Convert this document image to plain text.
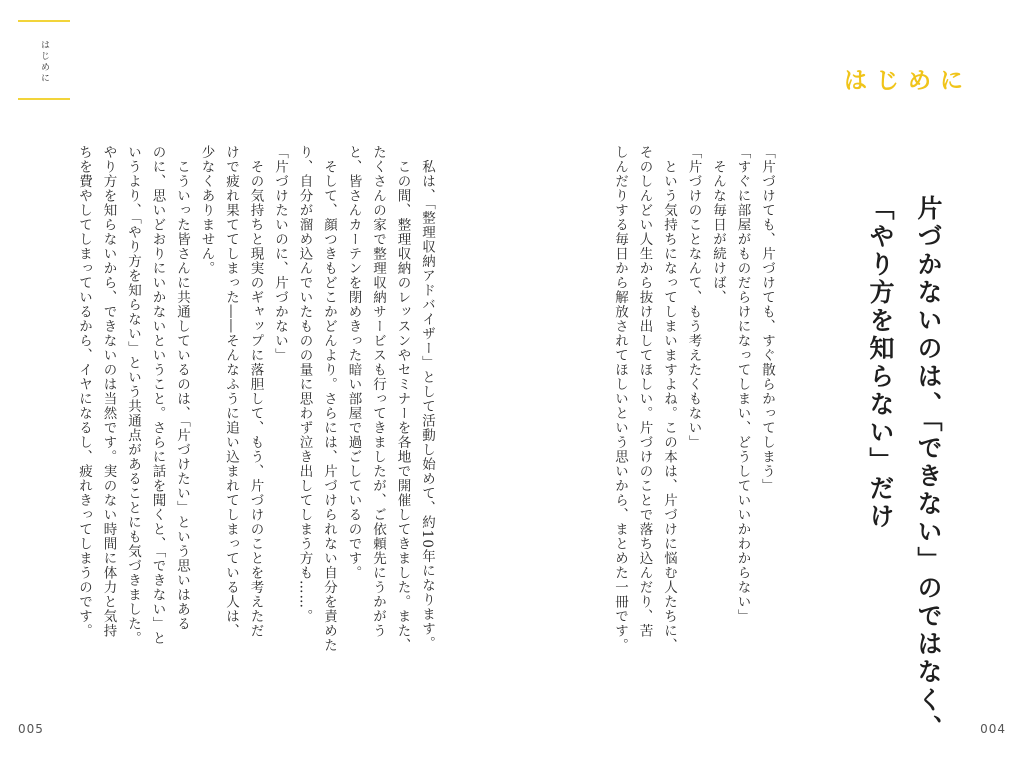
はじめに	はじめに
片づかないのは、「できない」のではなく、
「やり方を知らない」だけ
「片づけても、片づけても、すぐ散らかってしまう」
「すぐに部屋がものだらけになってしまい、どうしていいかわからない」
　そんな毎日が続けば、
「片づけのことなんて、もう考えたくもない」
　という気持ちになってしまいますよね。この本は、片づけに悩む人たちに、
そのしんどい人生から抜け出してほしい。片づけのことで落ち込んだり、苦
しんだりする毎日から解放されてほしいという思いから、まとめた一冊です。
　私は、「整理収納アドバイザー」として活動し始めて、約10年になります。
　この間、整理収納のレッスンやセミナーを各地で開催してきました。また、
たくさんの家で整理収納サービスも行ってきましたが、ご依頼先にうかがう
と、皆さんカーテンを閉めきった暗い部屋で過ごしているのです。
　そして、顔つきもどこかどんより。さらには、片づけられない自分を責めた
り、自分が溜め込んでいたものの量に思わず泣き出してしまう方も……。
「片づけたいのに、片づかない」
　その気持ちと現実のギャップに落胆して、もう、片づけのことを考えただ
けで疲れ果ててしまった――そんなふうに追い込まれてしまっている人は、
少なくありません。
　こういった皆さんに共通しているのは、「片づけたい」という思いはある
のに、思いどおりにいかないということ。さらに話を聞くと、「できない」と
いうより、「やり方を知らない」という共通点があることにも気づきました。
やり方を知らないから、できないのは当然です。実のない時間に体力と気持
ちを費やしてしまっているから、イヤになるし、疲れきってしまうのです。
005	004
